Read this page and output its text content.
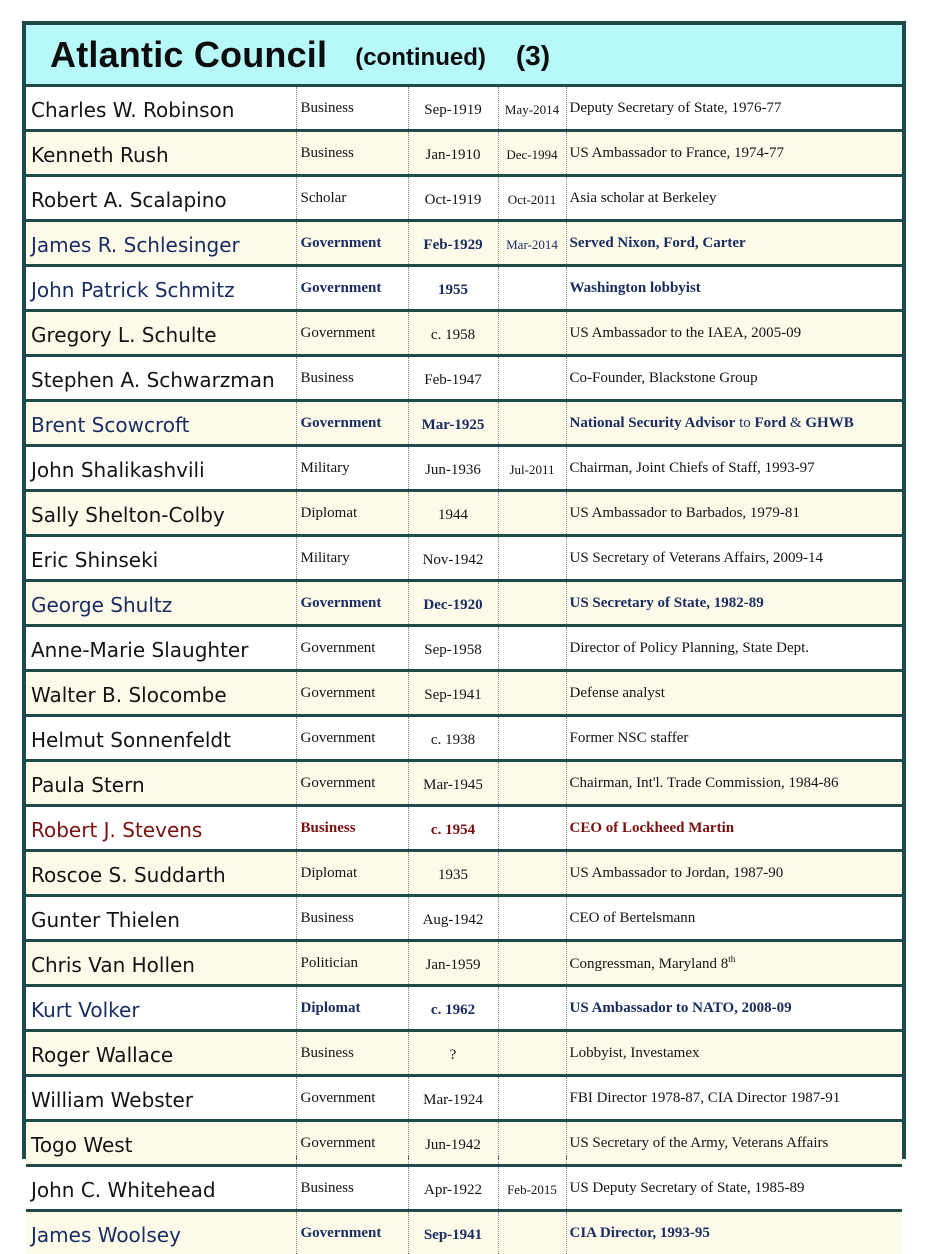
Atlantic Council (continued) (3)
Charles W. Robinson	Business	Sep-1919	May-2014	Deputy Secretary of State, 1976-77
Kenneth Rush	Business	Jan-1910	Dec-1994	US Ambassador to France, 1974-77
Robert A. Scalapino	Scholar	Oct-1919	Oct-2011	Asia scholar at Berkeley
James R. Schlesinger	Government	Feb-1929	Mar-2014	Served Nixon, Ford, Carter
John Patrick Schmitz	Government	1955		Washington lobbyist
Gregory L. Schulte	Government	c. 1958		US Ambassador to the IAEA, 2005-09
Stephen A. Schwarzman	Business	Feb-1947		Co-Founder, Blackstone Group
Brent Scowcroft	Government	Mar-1925		National Security Advisor to Ford & GHWB
John Shalikashvili	Military	Jun-1936	Jul-2011	Chairman, Joint Chiefs of Staff, 1993-97
Sally Shelton-Colby	Diplomat	1944		US Ambassador to Barbados, 1979-81
Eric Shinseki	Military	Nov-1942		US Secretary of Veterans Affairs, 2009-14
George Shultz	Government	Dec-1920		US Secretary of State, 1982-89
Anne-Marie Slaughter	Government	Sep-1958		Director of Policy Planning, State Dept.
Walter B. Slocombe	Government	Sep-1941		Defense analyst
Helmut Sonnenfeldt	Government	c. 1938		Former NSC staffer
Paula Stern	Government	Mar-1945		Chairman, Int'l. Trade Commission, 1984-86
Robert J. Stevens	Business	c. 1954		CEO of Lockheed Martin
Roscoe S. Suddarth	Diplomat	1935		US Ambassador to Jordan, 1987-90
Gunter Thielen	Business	Aug-1942		CEO of Bertelsmann
Chris Van Hollen	Politician	Jan-1959		Congressman, Maryland 8th
Kurt Volker	Diplomat	c. 1962		US Ambassador to NATO, 2008-09
Roger Wallace	Business	?		Lobbyist, Investamex
William Webster	Government	Mar-1924		FBI Director 1978-87, CIA Director 1987-91
Togo West	Government	Jun-1942		US Secretary of the Army, Veterans Affairs
John C. Whitehead	Business	Apr-1922	Feb-2015	US Deputy Secretary of State, 1985-89
James Woolsey	Government	Sep-1941		CIA Director, 1993-95
